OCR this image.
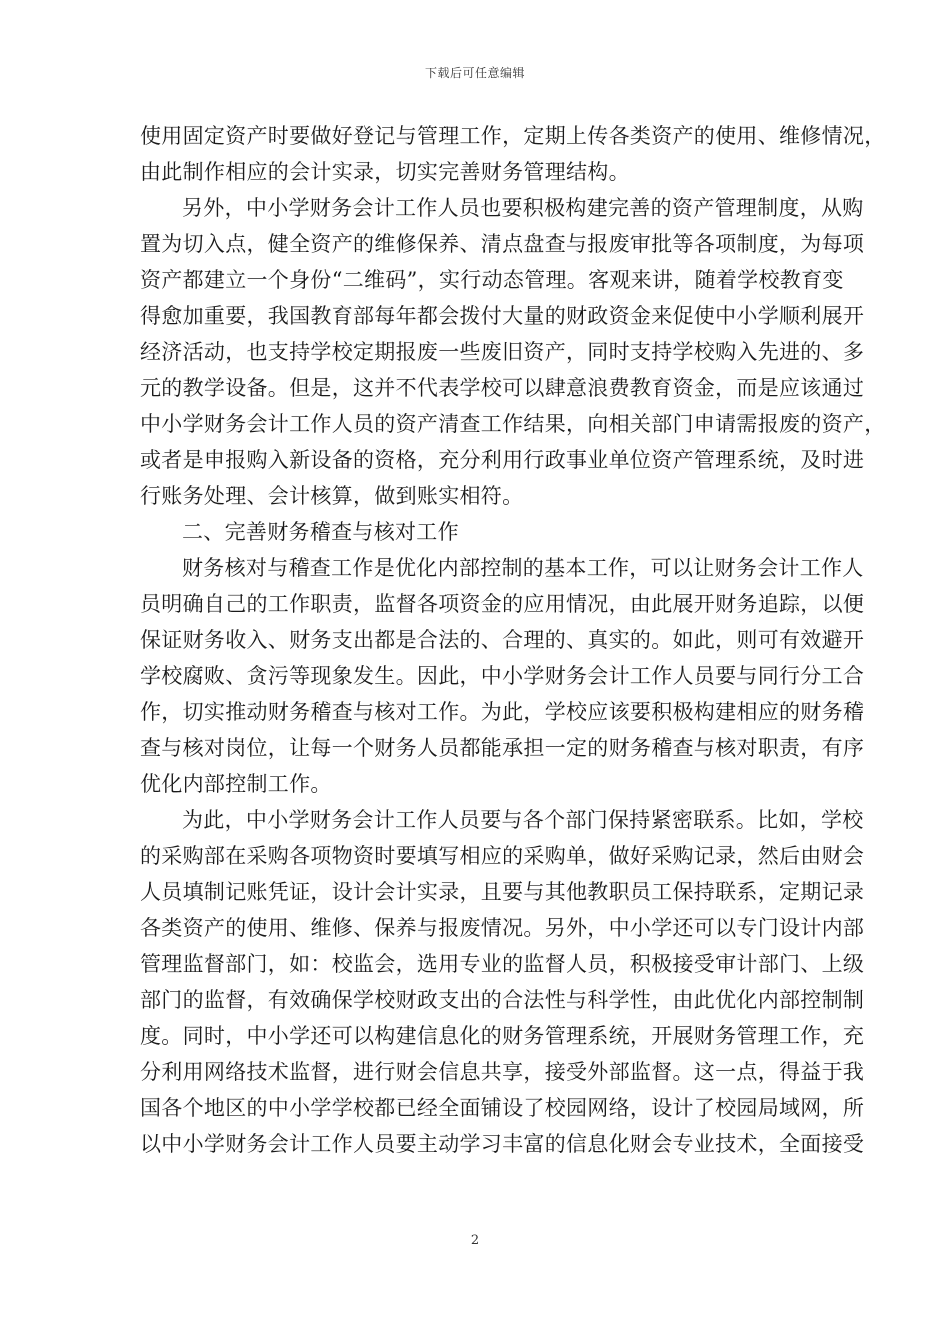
下载后可任意编辑
使用固定资产时要做好登记与管理工作，定期上传各类资产的使用、维修情况，
由此制作相应的会计实录，切实完善财务管理结构。
另外，中小学财务会计工作人员也要积极构建完善的资产管理制度，从购
置为切入点，健全资产的维修保养、清点盘查与报废审批等各项制度，为每项
资产都建立一个身份“二维码”，实行动态管理。客观来讲，随着学校教育变
得愈加重要，我国教育部每年都会拨付大量的财政资金来促使中小学顺利展开
经济活动，也支持学校定期报废一些废旧资产，同时支持学校购入先进的、多
元的教学设备。但是，这并不代表学校可以肆意浪费教育资金，而是应该通过
中小学财务会计工作人员的资产清查工作结果，向相关部门申请需报废的资产，
或者是申报购入新设备的资格，充分利用行政事业单位资产管理系统，及时进
行账务处理、会计核算，做到账实相符。
二、完善财务稽查与核对工作
财务核对与稽查工作是优化内部控制的基本工作，可以让财务会计工作人
员明确自己的工作职责，监督各项资金的应用情况，由此展开财务追踪，以便
保证财务收入、财务支出都是合法的、合理的、真实的。如此，则可有效避开
学校腐败、贪污等现象发生。因此，中小学财务会计工作人员要与同行分工合
作，切实推动财务稽查与核对工作。为此，学校应该要积极构建相应的财务稽
查与核对岗位，让每一个财务人员都能承担一定的财务稽查与核对职责，有序
优化内部控制工作。
为此，中小学财务会计工作人员要与各个部门保持紧密联系。比如，学校
的采购部在采购各项物资时要填写相应的采购单，做好采购记录，然后由财会
人员填制记账凭证，设计会计实录，且要与其他教职员工保持联系，定期记录
各类资产的使用、维修、保养与报废情况。另外，中小学还可以专门设计内部
管理监督部门，如：校监会，选用专业的监督人员，积极接受审计部门、上级
部门的监督，有效确保学校财政支出的合法性与科学性，由此优化内部控制制
度。同时，中小学还可以构建信息化的财务管理系统，开展财务管理工作，充
分利用网络技术监督，进行财会信息共享，接受外部监督。这一点，得益于我
国各个地区的中小学学校都已经全面铺设了校园网络，设计了校园局域网，所
以中小学财务会计工作人员要主动学习丰富的信息化财会专业技术，全面接受
2
